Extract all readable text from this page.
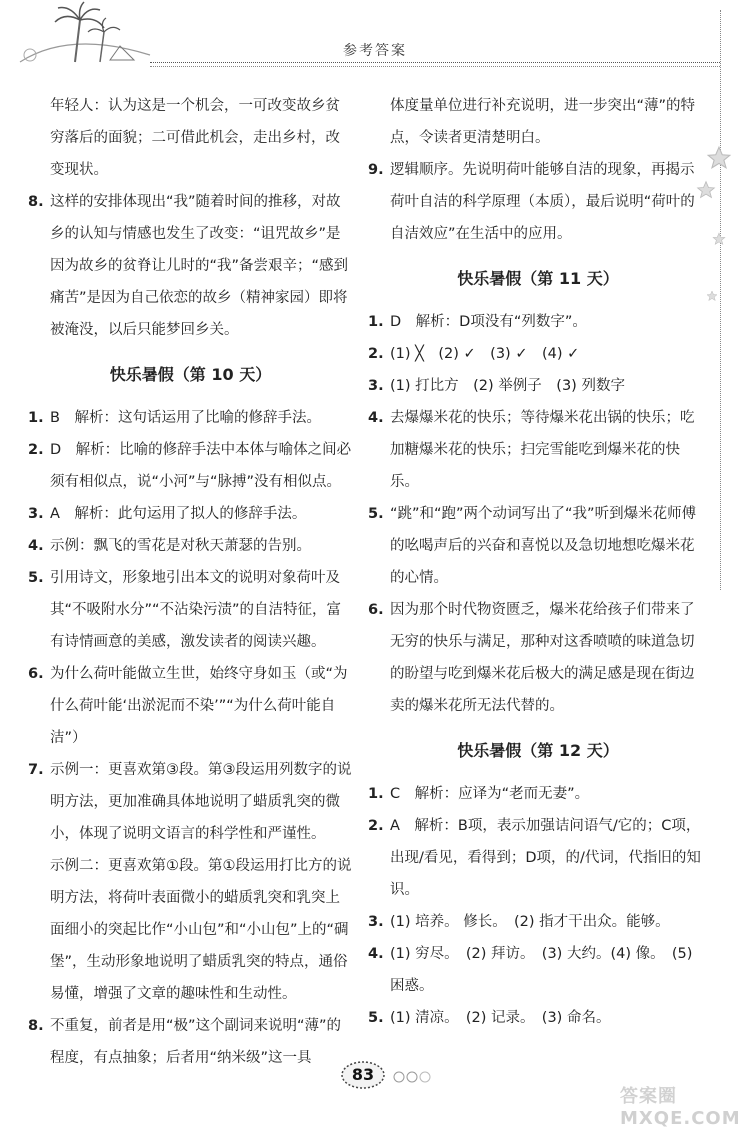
参考答案

年轻人：认为这是一个机会，一可改变故乡贫穷落后的面貌；二可借此机会，走出乡村，改变现状。

8. 这样的安排体现出“我”随着时间的推移，对故乡的认知与情感也发生了改变：“诅咒故乡”是因为故乡的贫脊让儿时的“我”备尝艰辛；“感到痛苦”是因为自己依恋的故乡（精神家园）即将被淹没，以后只能梦回乡关。

快乐暑假（第 10 天）

1. B　解析：这句话运用了比喻的修辞手法。

2. D　解析：比喻的修辞手法中本体与喻体之间必须有相似点，说“小河”与“脉搏”没有相似点。

3. A　解析：此句运用了拟人的修辞手法。

4. 示例：飘飞的雪花是对秋天萧瑟的告别。

5. 引用诗文，形象地引出本文的说明对象荷叶及其“不吸附水分”“不沾染污渍”的自洁特征，富有诗情画意的美感，激发读者的阅读兴趣。

6. 为什么荷叶能做立生世，始终守身如玉（或“为什么荷叶能‘出淤泥而不染’”“为什么荷叶能自洁”）

7. 示例一：更喜欢第③段。第③段运用列数字的说明方法，更加准确具体地说明了蜡质乳突的微小，体现了说明文语言的科学性和严谨性。

示例二：更喜欢第①段。第①段运用打比方的说明方法，将荷叶表面微小的蜡质乳突和乳突上面细小的突起比作“小山包”和“小山包”上的“碉堡”，生动形象地说明了蜡质乳突的特点，通俗易懂，增强了文章的趣味性和生动性。

8. 不重复，前者是用“极”这个副词来说明“薄”的程度，有点抽象；后者用“纳米级”这一具

体度量单位进行补充说明，进一步突出“薄”的特点，令读者更清楚明白。

9. 逻辑顺序。先说明荷叶能够自洁的现象，再揭示荷叶自洁的科学原理（本质），最后说明“荷叶的自洁效应”在生活中的应用。

快乐暑假（第 11 天）

1. D　解析：D项没有“列数字”。

2. (1) ╳　(2) ✓　(3) ✓　(4) ✓

3. (1) 打比方　(2) 举例子　(3) 列数字

4. 去爆爆米花的快乐；等待爆米花出锅的快乐；吃加糖爆米花的快乐；扫完雪能吃到爆米花的快乐。

5. “跳”和“跑”两个动词写出了“我”听到爆米花师傅的吆喝声后的兴奋和喜悦以及急切地想吃爆米花的心情。

6. 因为那个时代物资匮乏，爆米花给孩子们带来了无穷的快乐与满足，那种对这香喷喷的味道急切的盼望与吃到爆米花后极大的满足感是现在街边卖的爆米花所无法代替的。

快乐暑假（第 12 天）

1. C　解析：应译为“老而无妻”。

2. A　解析：B项，表示加强诘问语气/它的；C项，出现/看见，看得到；D项，的/代词，代指旧的知识。

3. (1) 培养。 修长。　(2) 指才干出众。能够。

4. (1) 穷尽。　(2) 拜访。　(3) 大约。(4) 像。　(5) 困惑。

5. (1) 清凉。　(2) 记录。　(3) 命名。

83
答案圈 MXQE.COM
